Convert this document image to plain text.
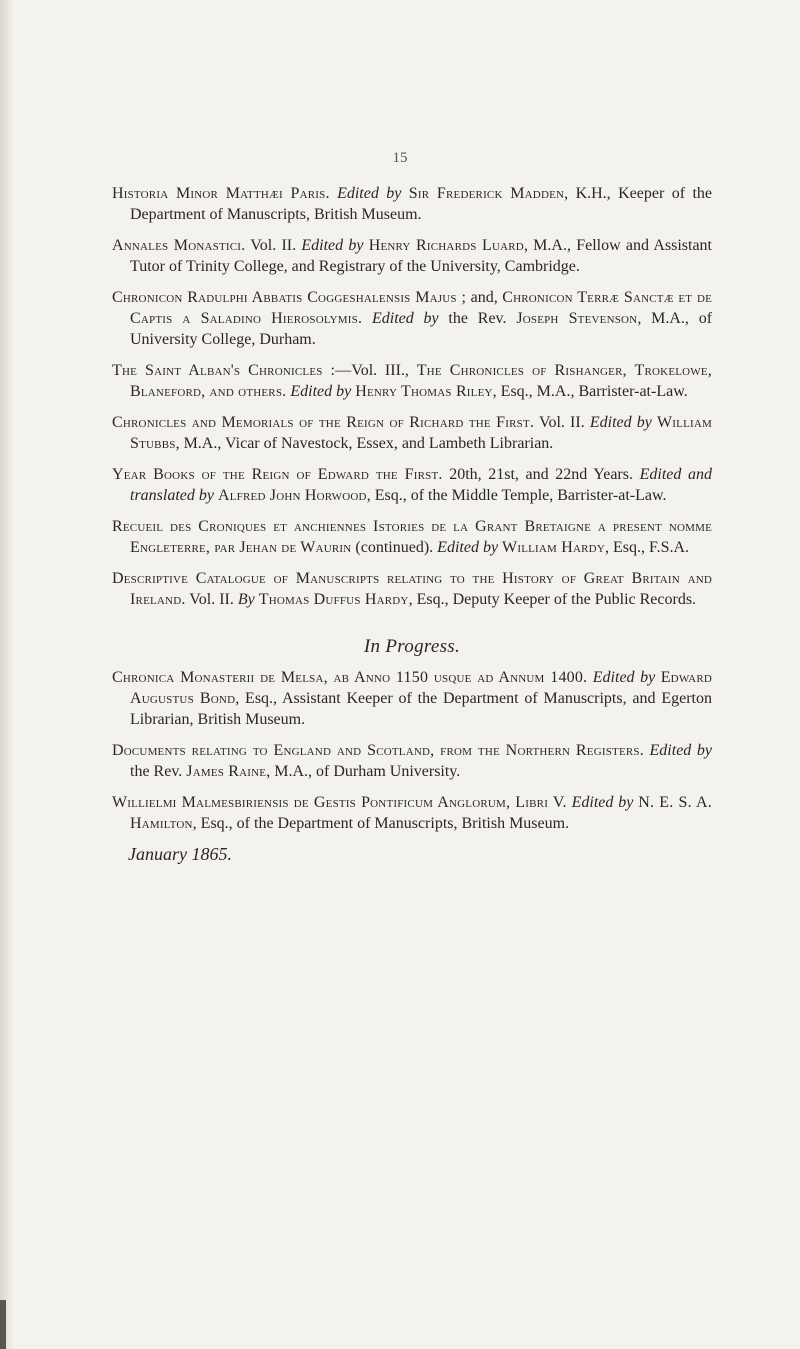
15

Historia Minor Matthæi Paris. Edited by Sir Frederick Madden, K.H., Keeper of the Department of Manuscripts, British Museum.

Annales Monastici. Vol. II. Edited by Henry Richards Luard, M.A., Fellow and Assistant Tutor of Trinity College, and Registrary of the University, Cambridge.

Chronicon Radulphi Abbatis Coggeshalensis Majus ; and, Chronicon Terræ Sanctæ et de Captis a Saladino Hierosolymis. Edited by the Rev. Joseph Stevenson, M.A., of University College, Durham.

The Saint Alban's Chronicles :—Vol. III., The Chronicles of Rishanger, Trokelowe, Blaneford, and others. Edited by Henry Thomas Riley, Esq., M.A., Barrister-at-Law.

Chronicles and Memorials of the Reign of Richard the First. Vol. II. Edited by William Stubbs, M.A., Vicar of Navestock, Essex, and Lambeth Librarian.

Year Books of the Reign of Edward the First. 20th, 21st, and 22nd Years. Edited and translated by Alfred John Horwood, Esq., of the Middle Temple, Barrister-at-Law.

Recueil des Croniques et anchiennes Istories de la Grant Bretaigne a present nomme Engleterre, par Jehan de Waurin (continued). Edited by William Hardy, Esq., F.S.A.

Descriptive Catalogue of Manuscripts relating to the History of Great Britain and Ireland. Vol. II. By Thomas Duffus Hardy, Esq., Deputy Keeper of the Public Records.

In Progress.

Chronica Monasterii de Melsa, ab Anno 1150 usque ad Annum 1400. Edited by Edward Augustus Bond, Esq., Assistant Keeper of the Department of Manuscripts, and Egerton Librarian, British Museum.

Documents relating to England and Scotland, from the Northern Registers. Edited by the Rev. James Raine, M.A., of Durham University.

Willielmi Malmesbiriensis de Gestis Pontificum Anglorum, Libri V. Edited by N. E. S. A. Hamilton, Esq., of the Department of Manuscripts, British Museum.

January 1865.
